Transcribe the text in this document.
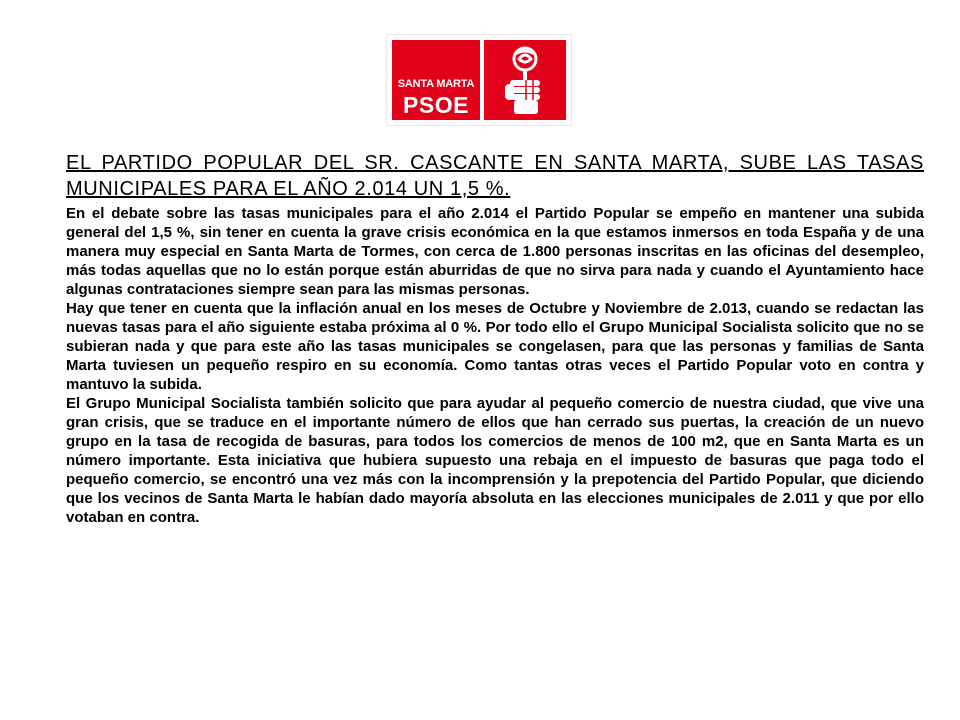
SANTA MARTA
PSOE
EL PARTIDO POPULAR DEL SR. CASCANTE EN SANTA MARTA, SUBE LAS TASAS MUNICIPALES PARA EL AÑO 2.014 UN 1,5 %.

En el debate sobre las tasas municipales para el año 2.014 el Partido Popular se empeño en mantener una subida general del 1,5 %, sin tener en cuenta la grave crisis económica en la que estamos inmersos en toda España y de una manera muy especial en Santa Marta de Tormes, con cerca de 1.800 personas inscritas en las oficinas del desempleo, más todas aquellas que no lo están porque están aburridas de que no sirva para nada y cuando el Ayuntamiento hace algunas contrataciones siempre sean para las mismas personas.

Hay que tener en cuenta que la inflación anual en los meses de Octubre y Noviembre de 2.013, cuando se redactan las nuevas tasas para el año siguiente estaba próxima al 0 %. Por todo ello el Grupo Municipal Socialista solicito que no se subieran nada y que para este año las tasas municipales se congelasen, para que las personas y familias de Santa Marta tuviesen un pequeño respiro en su economía. Como tantas otras veces el Partido Popular voto en contra y mantuvo la subida.

El Grupo Municipal Socialista también solicito que para ayudar al pequeño comercio de nuestra ciudad, que vive una gran crisis, que se traduce en el importante número de ellos que han cerrado sus puertas, la creación de un nuevo grupo en la tasa de recogida de basuras, para todos los comercios de menos de 100 m2, que en Santa Marta es un número importante. Esta iniciativa que hubiera supuesto una rebaja en el impuesto de basuras que paga todo el pequeño comercio, se encontró una vez más con la incomprensión y la prepotencia del Partido Popular, que diciendo que los vecinos de Santa Marta le habían dado mayoría absoluta en las elecciones municipales de 2.011 y que por ello votaban en contra.
